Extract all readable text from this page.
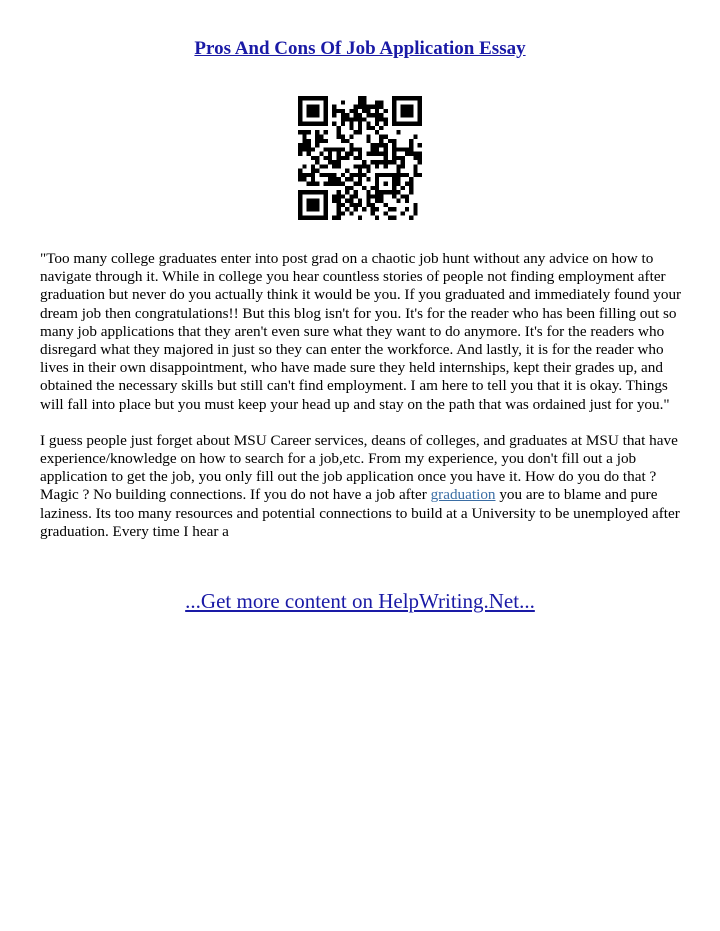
Pros And Cons Of Job Application Essay

"Too many college graduates enter into post grad on a chaotic job hunt without any advice on how to navigate through it. While in college you hear countless stories of people not finding employment after graduation but never do you actually think it would be you. If you graduated and immediately found your dream job then congratulations!! But this blog isn't for you. It's for the reader who has been filling out so many job applications that they aren't even sure what they want to do anymore. It's for the readers who disregard what they majored in just so they can enter the workforce. And lastly, it is for the reader who lives in their own disappointment, who have made sure they held internships, kept their grades up, and obtained the necessary skills but still can't find employment. I am here to tell you that it is okay. Things will fall into place but you must keep your head up and stay on the path that was ordained just for you."

I guess people just forget about MSU Career services, deans of colleges, and graduates at MSU that have experience/knowledge on how to search for a job,etc. From my experience, you don't fill out a job application to get the job, you only fill out the job application once you have it. How do you do that ? Magic ? No building connections. If you do not have a job after graduation you are to blame and pure laziness. Its too many resources and potential connections to build at a University to be unemployed after graduation. Every time I hear a

...Get more content on HelpWriting.Net...
